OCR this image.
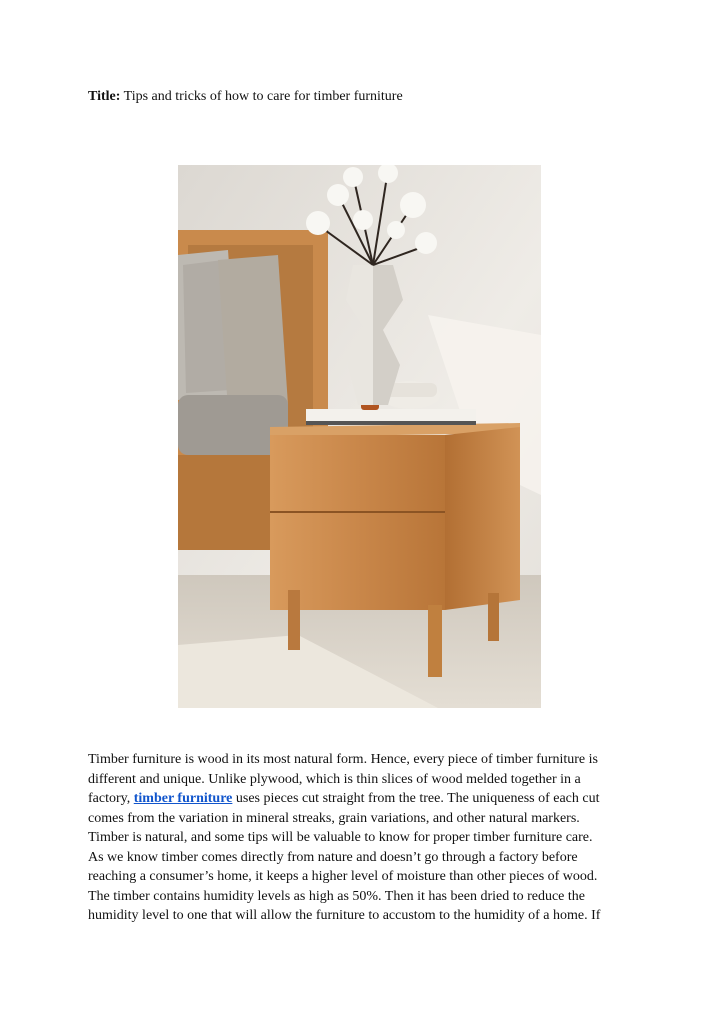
Title: Tips and tricks of how to care for timber furniture

Timber furniture is wood in its most natural form. Hence, every piece of timber furniture is

different and unique. Unlike plywood, which is thin slices of wood melded together in a

factory, timber furniture uses pieces cut straight from the tree. The uniqueness of each cut

comes from the variation in mineral streaks, grain variations, and other natural markers.

Timber is natural, and some tips will be valuable to know for proper timber furniture care.

As we know timber comes directly from nature and doesn’t go through a factory before

reaching a consumer’s home, it keeps a higher level of moisture than other pieces of wood.

The timber contains humidity levels as high as 50%. Then it has been dried to reduce the

humidity level to one that will allow the furniture to accustom to the humidity of a home. If
